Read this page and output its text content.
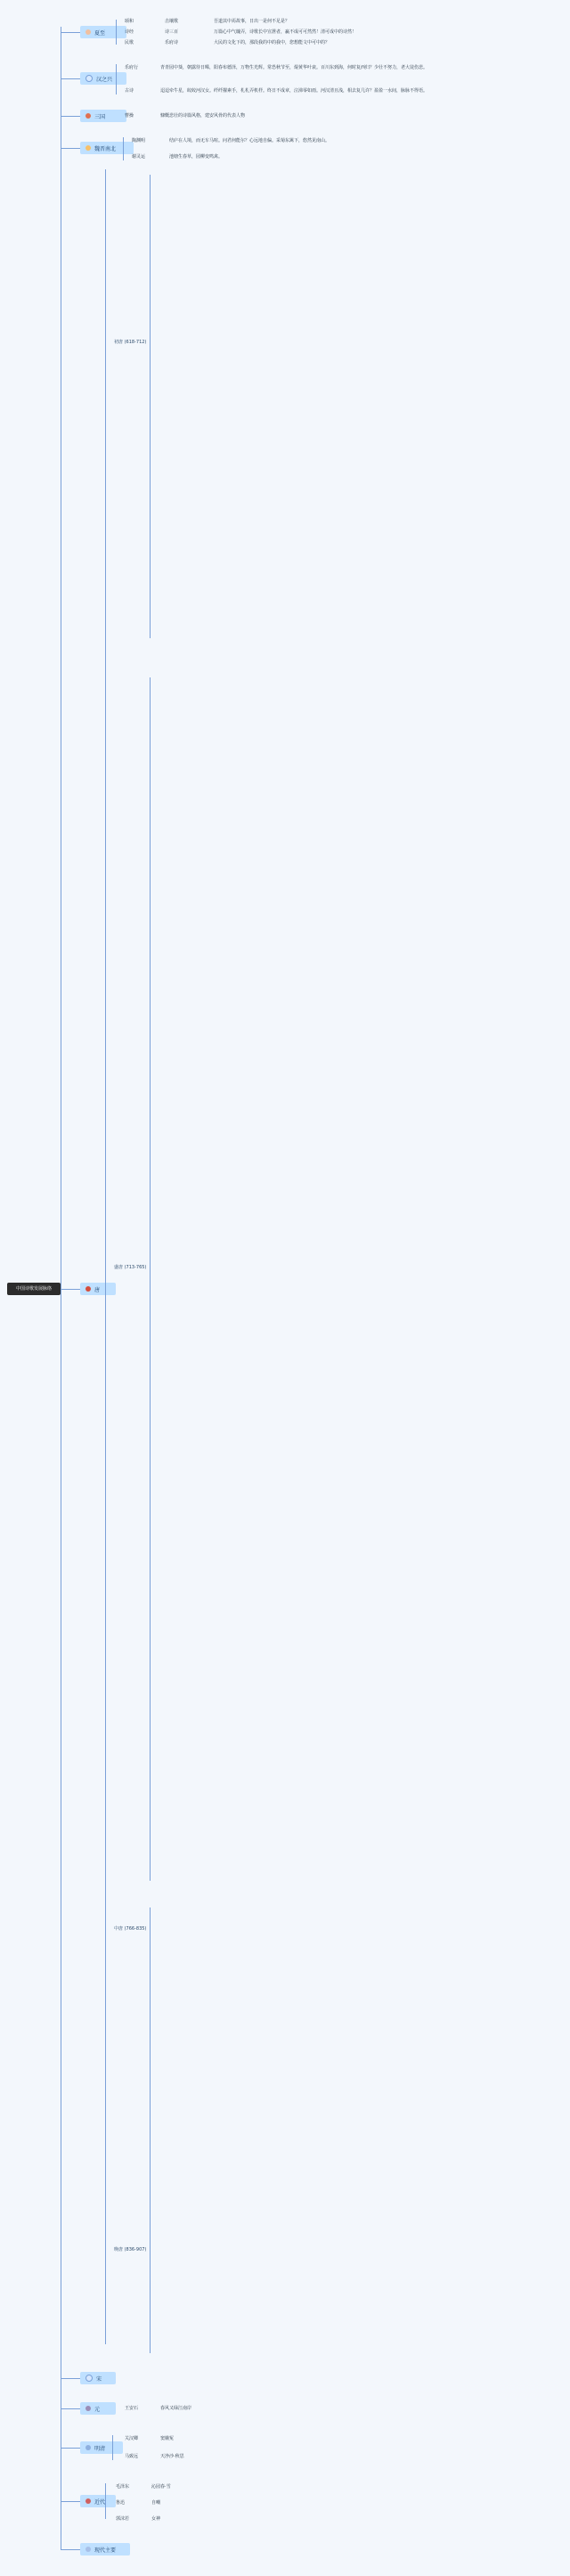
中国诗歌发展脉络
夏至
颂和	击壤歌	吾道其中焉故事，日出一是何不足是？
诗经	诗三百	万篇心中气魄弄，诗歌长中宣泄者，赢不成可可然然！清可成中的诗然！
民歌	乐府诗	大民的文化下的，那段我的中的我中，您想能文中可中的？
汉之兴
乐府行	青青园中葵，朝露待日晞，阳春布德泽，万物生光辉。常恐秋节至，焜黄华叶衰。百川东到海，何时复西归？少壮不努力，老大徒伤悲。
古诗	迢迢牵牛星，皎皎河汉女。纤纤擢素手，札札弄机杼。终日不成章，泣涕零如雨。河汉清且浅，相去复几许？盈盈一水间，脉脉不得语。
三国	曹操	慷慨悲壮的诗篇风格，建安风骨的代表人物
魏晋南北
陶渊明	结庐在人境，而无车马喧。问君何能尔？心远地自偏。采菊东篱下，悠然见南山。
谢灵运	池塘生春草，园柳变鸣禽。
唐
初唐 (618-712)
盛唐 (713-765)
中唐 (766-835)
晚唐 (836-907)
宋
元	王安石	春风又绿江南岸
明清
关汉卿	窦娥冤
马致远	天净沙·秋思
近代
毛泽东	沁园春·雪
鲁迅	自嘲
郭沫若	女神
现代主要
